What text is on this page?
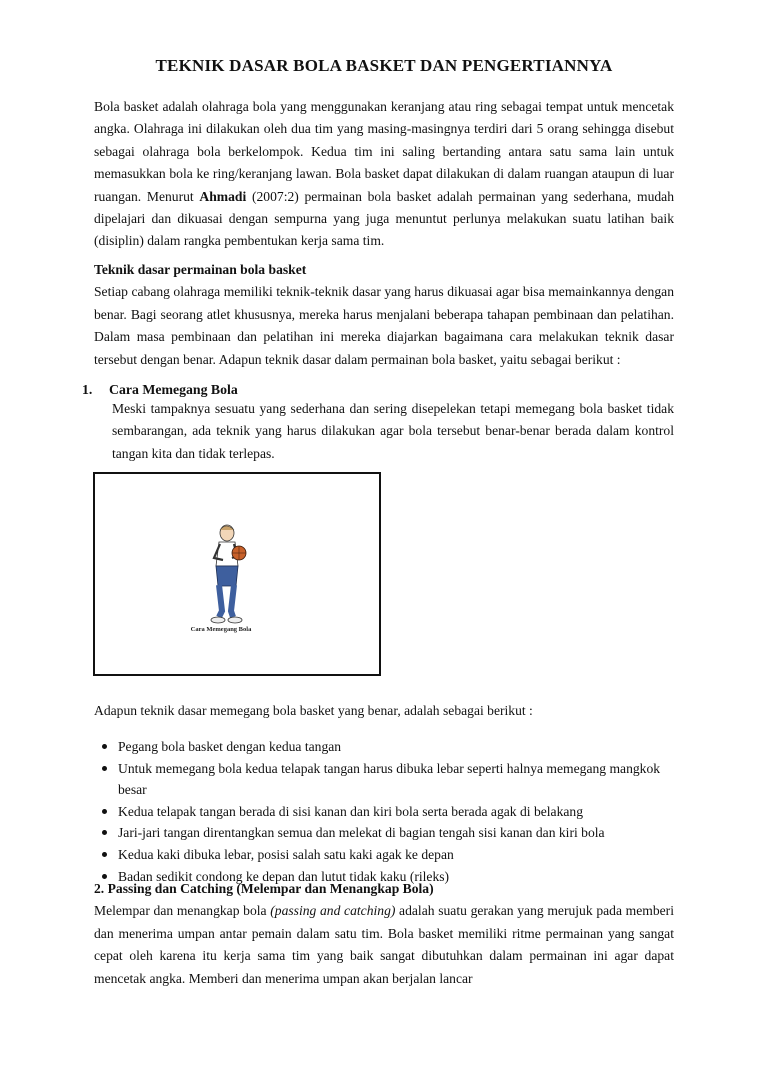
TEKNIK DASAR BOLA BASKET DAN PENGERTIANNYA

Bola basket adalah olahraga bola yang menggunakan keranjang atau ring sebagai tempat untuk mencetak angka. Olahraga ini dilakukan oleh dua tim yang masing-masingnya terdiri dari 5 orang sehingga disebut sebagai olahraga bola berkelompok. Kedua tim ini saling bertanding antara satu sama lain untuk memasukkan bola ke ring/keranjang lawan. Bola basket dapat dilakukan di dalam ruangan ataupun di luar ruangan. Menurut Ahmadi (2007:2) permainan bola basket adalah permainan yang sederhana, mudah dipelajari dan dikuasai dengan sempurna yang juga menuntut perlunya melakukan suatu latihan baik (disiplin) dalam rangka pembentukan kerja sama tim.

Teknik dasar permainan bola basket
Setiap cabang olahraga memiliki teknik-teknik dasar yang harus dikuasai agar bisa memainkannya dengan benar. Bagi seorang atlet khususnya, mereka harus menjalani beberapa tahapan pembinaan dan pelatihan. Dalam masa pembinaan dan pelatihan ini mereka diajarkan bagaimana cara melakukan teknik dasar tersebut dengan benar. Adapun teknik dasar dalam permainan bola basket, yaitu sebagai berikut :
1. Cara Memegang Bola
Meski tampaknya sesuatu yang sederhana dan sering disepelekan tetapi memegang bola basket tidak sembarangan, ada teknik yang harus dilakukan agar bola tersebut benar-benar berada dalam kontrol tangan kita dan tidak terlepas.
Cara Memegang Bola
Adapun teknik dasar memegang bola basket yang benar, adalah sebagai berikut :
Pegang bola basket dengan kedua tangan
Untuk memegang bola kedua telapak tangan harus dibuka lebar seperti halnya memegang mangkok besar
Kedua telapak tangan berada di sisi kanan dan kiri bola serta berada agak di belakang
Jari-jari tangan direntangkan semua dan melekat di bagian tengah sisi kanan dan kiri bola
Kedua kaki dibuka lebar, posisi salah satu kaki agak ke depan
Badan sedikit condong ke depan dan lutut tidak kaku (rileks)
2. Passing dan Catching (Melempar dan Menangkap Bola)
Melempar dan menangkap bola (passing and catching) adalah suatu gerakan yang merujuk pada memberi dan menerima umpan antar pemain dalam satu tim. Bola basket memiliki ritme permainan yang sangat cepat oleh karena itu kerja sama tim yang baik sangat dibutuhkan dalam permainan ini agar dapat mencetak angka. Memberi dan menerima umpan akan berjalan lancar
